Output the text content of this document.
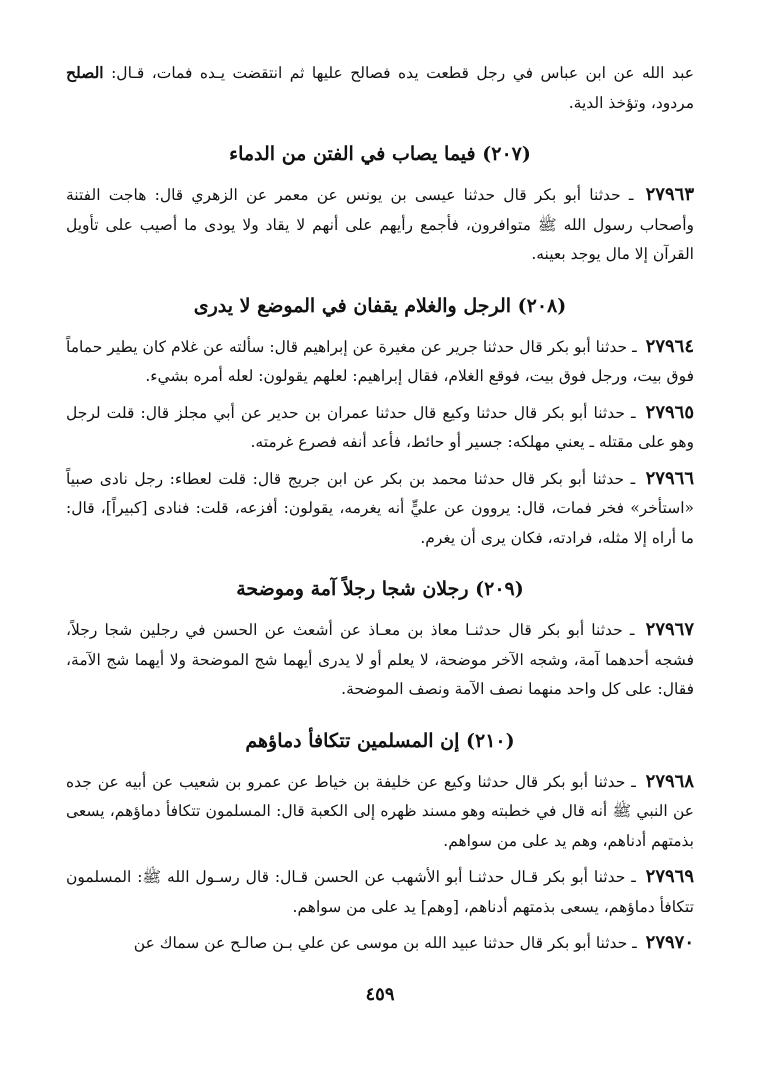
عبد الله عن ابن عباس في رجل قطعت يده فصالح عليها ثم انتقضت يـده فمات، قـال: الصلح مردود، وتؤخذ الدية.

(٢٠٧) فيما يصاب في الفتن من الدماء

٢٧٩٦٣ ـ حدثنا أبو بكر قال حدثنا عيسى بن يونس عن معمر عن الزهري قال: هاجت الفتنة وأصحاب رسول الله ﷺ متوافرون، فأجمع رأيهم على أنهم لا يقاد ولا يودى ما أصيب على تأويل القرآن إلا مال يوجد بعينه.

(٢٠٨) الرجل والغلام يقفان في الموضع لا يدرى

٢٧٩٦٤ ـ حدثنا أبو بكر قال حدثنا جرير عن مغيرة عن إبراهيم قال: سألته عن غلام كان يطير حماماً فوق بيت، ورجل فوق بيت، فوقع الغلام، فقال إبراهيم: لعلهم يقولون: لعله أمره بشيء.

٢٧٩٦٥ ـ حدثنا أبو بكر قال حدثنا وكيع قال حدثنا عمران بن حدير عن أبي مجلز قال: قلت لرجل وهو على مقتله ـ يعني مهلكه: جسير أو حائط، فأعد أنفه فصرع غرمته.

٢٧٩٦٦ ـ حدثنا أبو بكر قال حدثنا محمد بن بكر عن ابن جريج قال: قلت لعطاء: رجل نادى صبياً «استأخر» فخر فمات، قال: يروون عن عليٍّ أنه يغرمه، يقولون: أفزعه، قلت: فنادى [كبيراً]، قال: ما أراه إلا مثله، فرادته، فكان يرى أن يغرم.

(٢٠٩) رجلان شجا رجلاً آمة وموضحة

٢٧٩٦٧ ـ حدثنا أبو بكر قال حدثنـا معاذ بن معـاذ عن أشعث عن الحسن في رجلين شجا رجلاً، فشجه أحدهما آمة، وشجه الآخر موضحة، لا يعلم أو لا يدرى أيهما شج الموضحة ولا أيهما شج الآمة، فقال: على كل واحد منهما نصف الآمة ونصف الموضحة.

(٢١٠) إن المسلمين تتكافأ دماؤهم

٢٧٩٦٨ ـ حدثنا أبو بكر قال حدثنا وكيع عن خليفة بن خياط عن عمرو بن شعيب عن أبيه عن جده عن النبي ﷺ أنه قال في خطبته وهو مسند ظهره إلى الكعبة قال: المسلمون تتكافأ دماؤهم، يسعى بذمتهم أدناهم، وهم يد على من سواهم.

٢٧٩٦٩ ـ حدثنا أبو بكر قـال حدثنـا أبو الأشهب عن الحسن قـال: قال رسـول الله ﷺ: المسلمون تتكافأ دماؤهم، يسعى بذمتهم أدناهم، [وهم] يد على من سواهم.

٢٧٩٧٠ ـ حدثنا أبو بكر قال حدثنا عبيد الله بن موسى عن علي بـن صالـح عن سماك عن

٤٥٩
